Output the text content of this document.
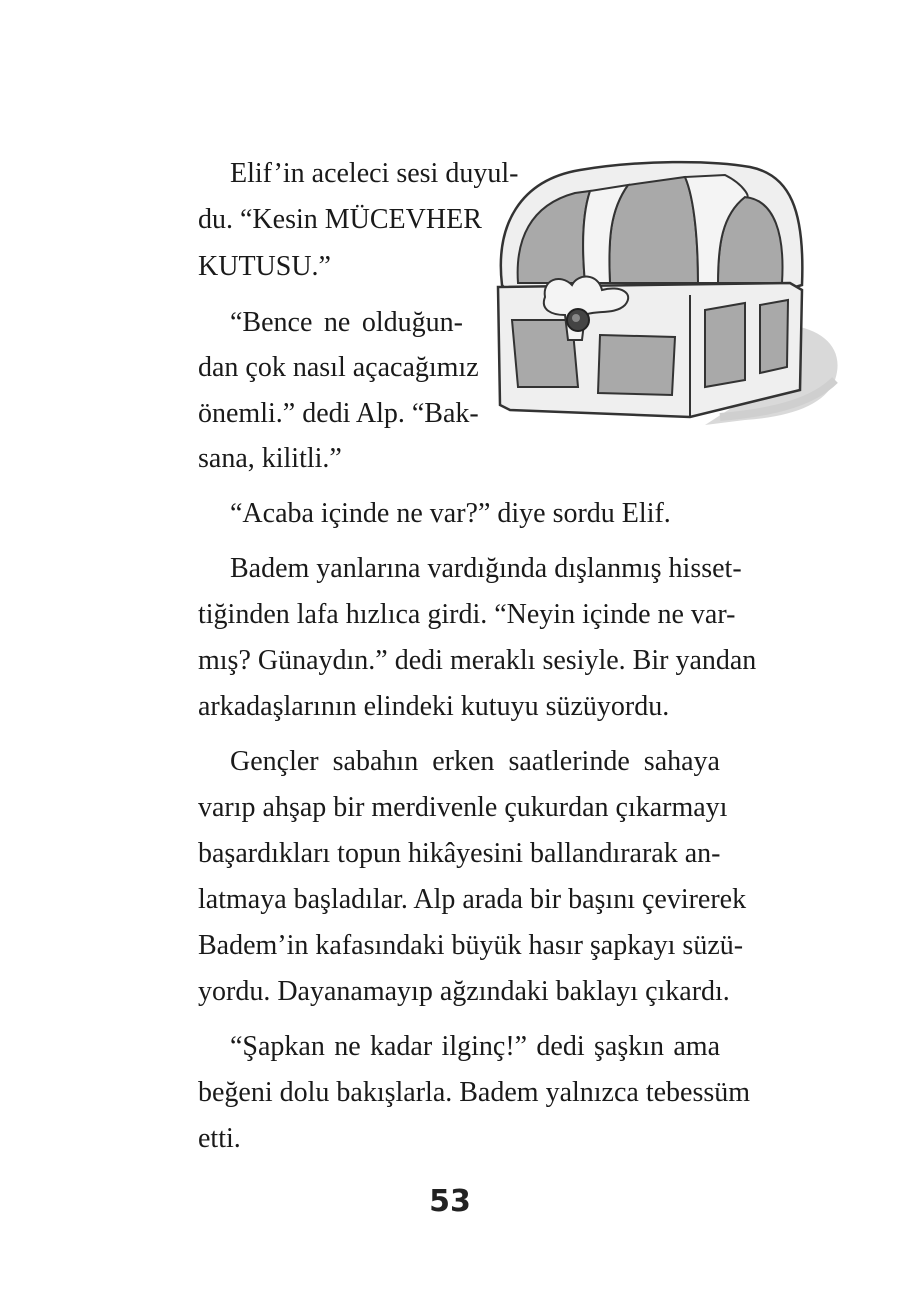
Elif’in aceleci sesi duyul-
du. “Kesin MÜCEVHER
KUTUSU.”
“Bence ne olduğun-
dan çok nasıl açacağımız
önemli.” dedi Alp. “Bak-
sana, kilitli.”
“Acaba içinde ne var?” diye sordu Elif.
Badem yanlarına vardığında dışlanmış hisset-
tiğinden lafa hızlıca girdi. “Neyin içinde ne var-
mış? Günaydın.” dedi meraklı sesiyle. Bir yandan
arkadaşlarının elindeki kutuyu süzüyordu.
Gençler sabahın erken saatlerinde sahaya
varıp ahşap bir merdivenle çukurdan çıkarmayı
başardıkları topun hikâyesini ballandırarak an-
latmaya başladılar. Alp arada bir başını çevirerek
Badem’in kafasındaki büyük hasır şapkayı süzü-
yordu. Dayanamayıp ağzındaki baklayı çıkardı.
“Şapkan ne kadar ilginç!” dedi şaşkın ama
beğeni dolu bakışlarla. Badem yalnızca tebessüm
etti.
53
